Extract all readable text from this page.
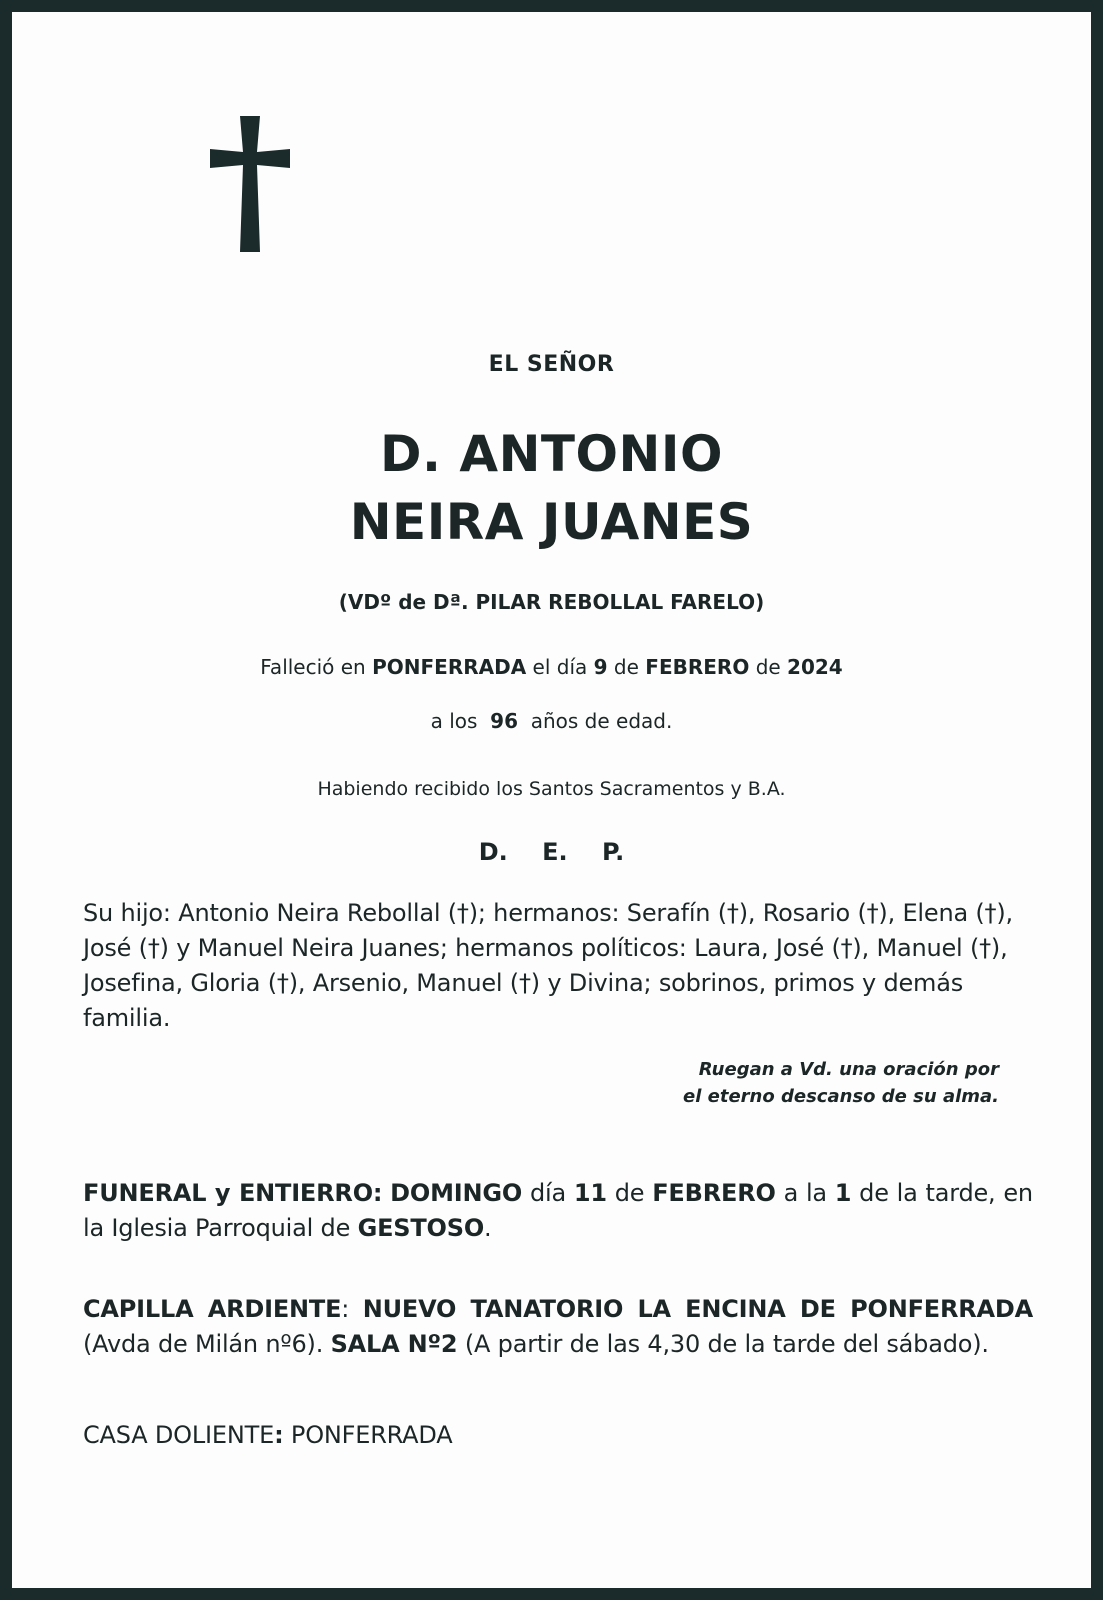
EL SEÑOR
D. ANTONIO
NEIRA JUANES
(VDº de Dª. PILAR REBOLLAL FARELO)
Falleció en PONFERRADA el día 9 de FEBRERO de 2024
a los 96 años de edad.
Habiendo recibido los Santos Sacramentos y B.A.
D. E. P.
Su hijo: Antonio Neira Rebollal (†); hermanos: Serafín (†), Rosario (†), Elena (†), José (†) y Manuel Neira Juanes; hermanos políticos: Laura, José (†), Manuel (†), Josefina, Gloria (†), Arsenio, Manuel (†) y Divina; sobrinos, primos y demás familia.
Ruegan a Vd. una oración por
el eterno descanso de su alma.
FUNERAL y ENTIERRO: DOMINGO día 11 de FEBRERO a la 1 de la tarde, en la Iglesia Parroquial de GESTOSO.
CAPILLA ARDIENTE: NUEVO TANATORIO LA ENCINA DE PONFERRADA (Avda de Milán nº6). SALA Nº2 (A partir de las 4,30 de la tarde del sábado).
CASA DOLIENTE: PONFERRADA
